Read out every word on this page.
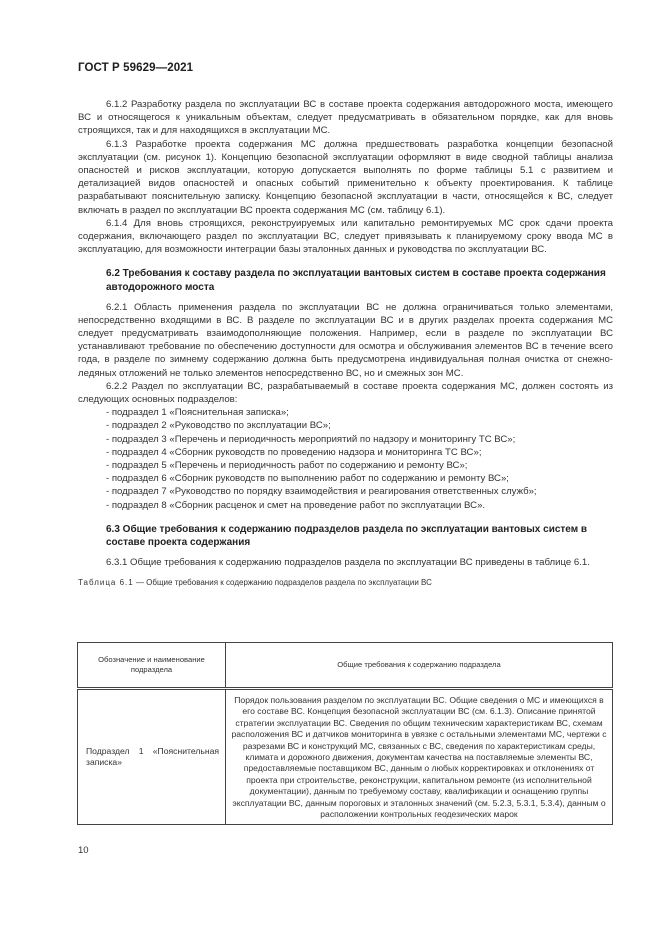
ГОСТ Р 59629—2021

6.1.2 Разработку раздела по эксплуатации ВС в составе проекта содержания автодорожного моста, имеющего ВС и относящегося к уникальным объектам, следует предусматривать в обязательном порядке, как для вновь строящихся, так и для находящихся в эксплуатации МС.

6.1.3 Разработке проекта содержания МС должна предшествовать разработка концепции безопасной эксплуатации (см. рисунок 1). Концепцию безопасной эксплуатации оформляют в виде сводной таблицы анализа опасностей и рисков эксплуатации, которую допускается выполнять по форме таблицы 5.1 с развитием и детализацией видов опасностей и опасных событий применительно к объекту проектирования. К таблице разрабатывают пояснительную записку. Концепцию безопасной эксплуатации в части, относящейся к ВС, следует включать в раздел по эксплуатации ВС проекта содержания МС (см. таблицу 6.1).

6.1.4 Для вновь строящихся, реконструируемых или капитально ремонтируемых МС срок сдачи проекта содержания, включающего раздел по эксплуатации ВС, следует привязывать к планируемому сроку ввода МС в эксплуатацию, для возможности интеграции базы эталонных данных и руководства по эксплуатации ВС.

6.2 Требования к составу раздела по эксплуатации вантовых систем в составе проекта содержания автодорожного моста

6.2.1 Область применения раздела по эксплуатации ВС не должна ограничиваться только элементами, непосредственно входящими в ВС. В разделе по эксплуатации ВС и в других разделах проекта содержания МС следует предусматривать взаимодополняющие положения. Например, если в разделе по эксплуатации ВС устанавливают требование по обеспечению доступности для осмотра и обслуживания элементов ВС в течение всего года, в разделе по зимнему содержанию должна быть предусмотрена индивидуальная полная очистка от снежно-ледяных отложений не только элементов непосредственно ВС, но и смежных зон МС.

6.2.2 Раздел по эксплуатации ВС, разрабатываемый в составе проекта содержания МС, должен состоять из следующих основных подразделов:

- подраздел 1 «Пояснительная записка»;
- подраздел 2 «Руководство по эксплуатации ВС»;
- подраздел 3 «Перечень и периодичность мероприятий по надзору и мониторингу ТС ВС»;
- подраздел 4 «Сборник руководств по проведению надзора и мониторинга ТС ВС»;
- подраздел 5 «Перечень и периодичность работ по содержанию и ремонту ВС»;
- подраздел 6 «Сборник руководств по выполнению работ по содержанию и ремонту ВС»;
- подраздел 7 «Руководство по порядку взаимодействия и реагирования ответственных служб»;
- подраздел 8 «Сборник расценок и смет на проведение работ по эксплуатации ВС».
6.3 Общие требования к содержанию подразделов раздела по эксплуатации вантовых систем в составе проекта содержания

6.3.1 Общие требования к содержанию подразделов раздела по эксплуатации ВС приведены в таблице 6.1.

Таблица 6.1 — Общие требования к содержанию подразделов раздела по эксплуатации ВС
Обозначение и наименование подраздела	Общие требования к содержанию подраздела
Подраздел 1 «Пояснительная записка»	Порядок пользования разделом по эксплуатации ВС. Общие сведения о МС и имеющихся в его составе ВС. Концепция безопасной эксплуатации ВС (см. 6.1.3). Описание принятой стратегии эксплуатации ВС. Сведения по общим техническим характеристикам ВС, схемам расположения ВС и датчиков мониторинга в увязке с остальными элементами МС, чертежи с разрезами ВС и конструкций МС, связанных с ВС, сведения по характеристикам среды, климата и дорожного движения, документам качества на поставляемые элементы ВС, предоставляемые поставщиком ВС, данным о любых корректировках и отклонениях от проекта при строительстве, реконструкции, капитальном ремонте (из исполнительной документации), данным по требуемому составу, квалификации и оснащению группы эксплуатации ВС, данным пороговых и эталонных значений (см. 5.2.3, 5.3.1, 5.3.4), данным о расположении контрольных геодезических марок
10
